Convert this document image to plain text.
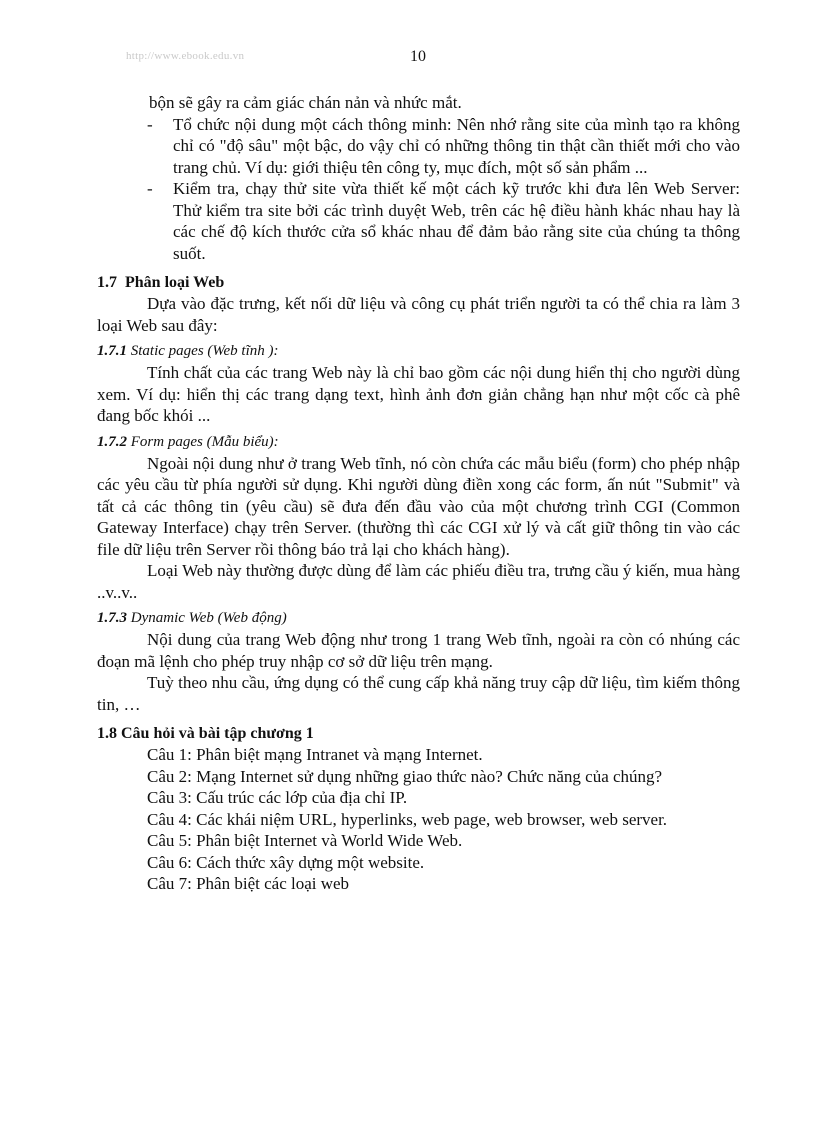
http://www.ebook.edu.vn	10

bộn sẽ gây ra cảm giác chán nản và nhức mắt.

-	Tổ chức nội dung một cách thông minh: Nên nhớ rằng site của mình tạo ra không chỉ có "độ sâu" một bậc, do vậy chỉ có những thông tin thật cần thiết mới cho vào trang chủ. Ví dụ: giới thiệu tên công ty, mục đích, một số sản phẩm ...
-	Kiểm tra, chạy thử site vừa thiết kế một cách kỹ trước khi đưa lên Web Server: Thử kiểm tra site bởi các trình duyệt Web, trên các hệ điều hành khác nhau hay là các chế độ kích thước cửa sổ khác nhau để đảm bảo rằng site của chúng ta thông suốt.
1.7 Phân loại Web

Dựa vào đặc trưng, kết nối dữ liệu và công cụ phát triển người ta có thể chia ra làm 3 loại Web sau đây:

1.7.1 Static pages (Web tĩnh ):

Tính chất của các trang Web này là chỉ bao gồm các nội dung hiển thị cho người dùng xem. Ví dụ: hiển thị các trang dạng text, hình ảnh đơn giản chẳng hạn như một cốc cà phê đang bốc khói ...

1.7.2 Form pages (Mẫu biểu):

Ngoài nội dung như ở trang Web tĩnh, nó còn chứa các mẫu biểu (form) cho phép nhập các yêu cầu từ phía người sử dụng. Khi người dùng điền xong các form, ấn nút "Submit" và tất cả các thông tin (yêu cầu) sẽ đưa đến đầu vào của một chương trình CGI (Common Gateway Interface) chạy trên Server. (thường thì các CGI xử lý và cất giữ thông tin vào các file dữ liệu trên Server rồi thông báo trả lại cho khách hàng).

Loại Web này thường được dùng để làm các phiếu điều tra, trưng cầu ý kiến, mua hàng ..v..v..

1.7.3 Dynamic Web (Web động)

Nội dung của trang Web động như trong 1 trang Web tĩnh, ngoài ra còn có nhúng các đoạn mã lệnh cho phép truy nhập cơ sở dữ liệu trên mạng.

Tuỳ theo nhu cầu, ứng dụng có thể cung cấp khả năng truy cập dữ liệu, tìm kiếm thông tin, …

1.8 Câu hỏi và bài tập chương 1

Câu 1: Phân biệt mạng Intranet và mạng Internet.

Câu 2: Mạng Internet sử dụng những giao thức nào? Chức năng của chúng?

Câu 3: Cấu trúc các lớp của địa chỉ IP.

Câu 4: Các khái niệm URL, hyperlinks, web page, web browser, web server.

Câu 5: Phân biệt Internet và World Wide Web.

Câu 6: Cách thức xây dựng một website.

Câu 7: Phân biệt các loại web
